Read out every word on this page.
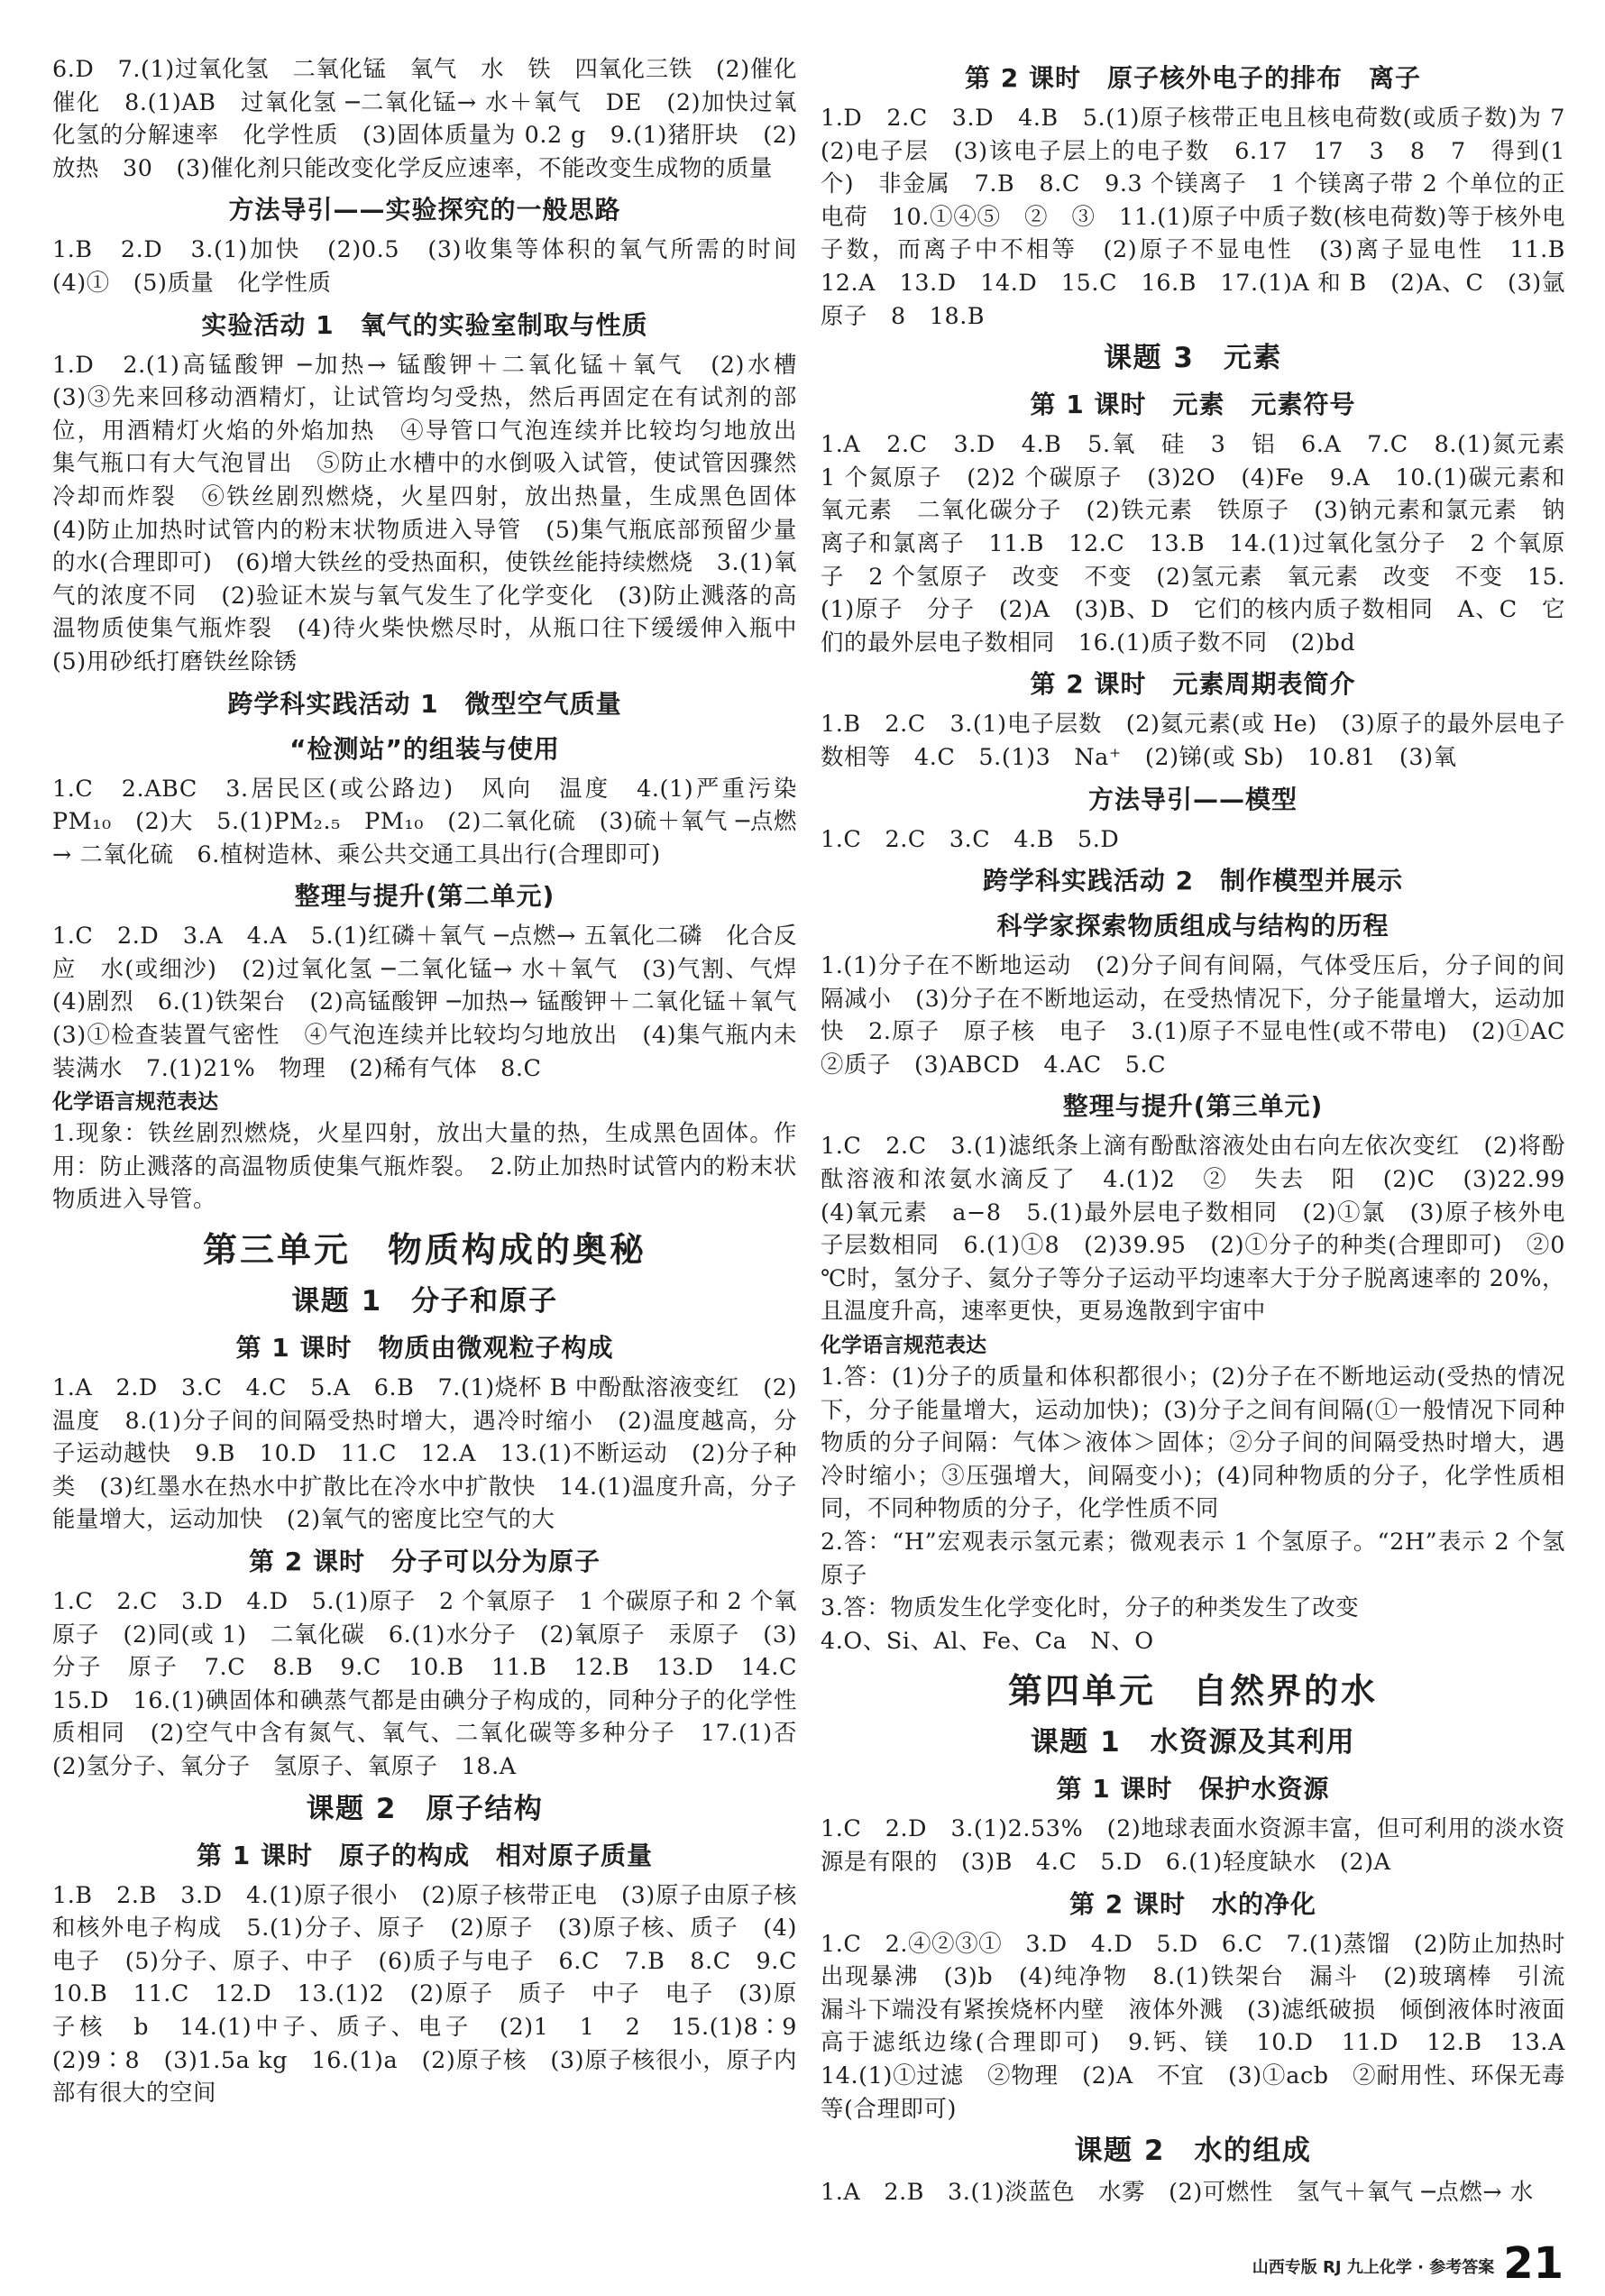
6.D　7.(1)过氧化氢　二氧化锰　氧气　水　铁　四氧化三铁　(2)催化　催化　8.(1)AB　过氧化氢 ─二氧化锰→ 水＋氧气　DE　(2)加快过氧化氢的分解速率　化学性质　(3)固体质量为 0.2 g　9.(1)猪肝块　(2)放热　30　(3)催化剂只能改变化学反应速率，不能改变生成物的质量
方法导引——实验探究的一般思路
1.B　2.D　3.(1)加快　(2)0.5　(3)收集等体积的氧气所需的时间　(4)①　(5)质量　化学性质
实验活动 1　氧气的实验室制取与性质
1.D　2.(1)高锰酸钾 ─加热→ 锰酸钾＋二氧化锰＋氧气　(2)水槽　(3)③先来回移动酒精灯，让试管均匀受热，然后再固定在有试剂的部位，用酒精灯火焰的外焰加热　④导管口气泡连续并比较均匀地放出　集气瓶口有大气泡冒出　⑤防止水槽中的水倒吸入试管，使试管因骤然冷却而炸裂　⑥铁丝剧烈燃烧，火星四射，放出热量，生成黑色固体　(4)防止加热时试管内的粉末状物质进入导管　(5)集气瓶底部预留少量的水(合理即可)　(6)增大铁丝的受热面积，使铁丝能持续燃烧　3.(1)氧气的浓度不同　(2)验证木炭与氧气发生了化学变化　(3)防止溅落的高温物质使集气瓶炸裂　(4)待火柴快燃尽时，从瓶口往下缓缓伸入瓶中　(5)用砂纸打磨铁丝除锈
跨学科实践活动 1　微型空气质量
“检测站”的组装与使用
1.C　2.ABC　3.居民区(或公路边)　风向　温度　4.(1)严重污染　PM₁₀　(2)大　5.(1)PM₂.₅　PM₁₀　(2)二氧化硫　(3)硫＋氧气 ─点燃→ 二氧化硫　6.植树造林、乘公共交通工具出行(合理即可)
整理与提升(第二单元)
1.C　2.D　3.A　4.A　5.(1)红磷＋氧气 ─点燃→ 五氧化二磷　化合反应　水(或细沙)　(2)过氧化氢 ─二氧化锰→ 水＋氧气　(3)气割、气焊　(4)剧烈　6.(1)铁架台　(2)高锰酸钾 ─加热→ 锰酸钾＋二氧化锰＋氧气　(3)①检查装置气密性　④气泡连续并比较均匀地放出　(4)集气瓶内未装满水　7.(1)21%　物理　(2)稀有气体　8.C
化学语言规范表达
1.现象：铁丝剧烈燃烧，火星四射，放出大量的热，生成黑色固体。作用：防止溅落的高温物质使集气瓶炸裂。　2.防止加热时试管内的粉末状物质进入导管。
第三单元　物质构成的奥秘
课题 1　分子和原子
第 1 课时　物质由微观粒子构成
1.A　2.D　3.C　4.C　5.A　6.B　7.(1)烧杯 B 中酚酞溶液变红　(2)温度　8.(1)分子间的间隔受热时增大，遇冷时缩小　(2)温度越高，分子运动越快　9.B　10.D　11.C　12.A　13.(1)不断运动　(2)分子种类　(3)红墨水在热水中扩散比在冷水中扩散快　14.(1)温度升高，分子能量增大，运动加快　(2)氧气的密度比空气的大
第 2 课时　分子可以分为原子
1.C　2.C　3.D　4.D　5.(1)原子　2 个氧原子　1 个碳原子和 2 个氧原子　(2)同(或 1)　二氧化碳　6.(1)水分子　(2)氧原子　汞原子　(3)分子　原子　7.C　8.B　9.C　10.B　11.B　12.B　13.D　14.C　15.D　16.(1)碘固体和碘蒸气都是由碘分子构成的，同种分子的化学性质相同　(2)空气中含有氮气、氧气、二氧化碳等多种分子　17.(1)否　(2)氢分子、氧分子　氢原子、氧原子　18.A
课题 2　原子结构
第 1 课时　原子的构成　相对原子质量
1.B　2.B　3.D　4.(1)原子很小　(2)原子核带正电　(3)原子由原子核和核外电子构成　5.(1)分子、原子　(2)原子　(3)原子核、质子　(4)电子　(5)分子、原子、中子　(6)质子与电子　6.C　7.B　8.C　9.C　10.B　11.C　12.D　13.(1)2　(2)原子　质子　中子　电子　(3)原子核　b　14.(1)中子、质子、电子　(2)1　1　2　15.(1)8∶9　(2)9∶8　(3)1.5a kg　16.(1)a　(2)原子核　(3)原子核很小，原子内部有很大的空间
第 2 课时　原子核外电子的排布　离子
1.D　2.C　3.D　4.B　5.(1)原子核带正电且核电荷数(或质子数)为 7　(2)电子层　(3)该电子层上的电子数　6.17　17　3　8　7　得到(1个)　非金属　7.B　8.C　9.3 个镁离子　1 个镁离子带 2 个单位的正电荷　10.①④⑤　②　③　11.(1)原子中质子数(核电荷数)等于核外电子数，而离子中不相等　(2)原子不显电性　(3)离子显电性　11.B　12.A　13.D　14.D　15.C　16.B　17.(1)A 和 B　(2)A、C　(3)氩原子　8　18.B
课题 3　元素
第 1 课时　元素　元素符号
1.A　2.C　3.D　4.B　5.氧　硅　3　铝　6.A　7.C　8.(1)氮元素　1 个氮原子　(2)2 个碳原子　(3)2O　(4)Fe　9.A　10.(1)碳元素和氧元素　二氧化碳分子　(2)铁元素　铁原子　(3)钠元素和氯元素　钠离子和氯离子　11.B　12.C　13.B　14.(1)过氧化氢分子　2 个氧原子　2 个氢原子　改变　不变　(2)氢元素　氧元素　改变　不变　15.(1)原子　分子　(2)A　(3)B、D　它们的核内质子数相同　A、C　它们的最外层电子数相同　16.(1)质子数不同　(2)bd
第 2 课时　元素周期表简介
1.B　2.C　3.(1)电子层数　(2)氦元素(或 He)　(3)原子的最外层电子数相等　4.C　5.(1)3　Na⁺　(2)锑(或 Sb)　10.81　(3)氧
方法导引——模型
1.C　2.C　3.C　4.B　5.D
跨学科实践活动 2　制作模型并展示
科学家探索物质组成与结构的历程
1.(1)分子在不断地运动　(2)分子间有间隔，气体受压后，分子间的间隔减小　(3)分子在不断地运动，在受热情况下，分子能量增大，运动加快　2.原子　原子核　电子　3.(1)原子不显电性(或不带电)　(2)①AC　②质子　(3)ABCD　4.AC　5.C
整理与提升(第三单元)
1.C　2.C　3.(1)滤纸条上滴有酚酞溶液处由右向左依次变红　(2)将酚酞溶液和浓氨水滴反了　4.(1)2　②　失去　阳　(2)C　(3)22.99　(4)氧元素　a−8　5.(1)最外层电子数相同　(2)①氯　(3)原子核外电子层数相同　6.(1)①8　(2)39.95　(2)①分子的种类(合理即可)　②0 ℃时，氢分子、氦分子等分子运动平均速率大于分子脱离速率的 20%，且温度升高，速率更快，更易逸散到宇宙中
化学语言规范表达
1.答：(1)分子的质量和体积都很小；(2)分子在不断地运动(受热的情况下，分子能量增大，运动加快)；(3)分子之间有间隔(①一般情况下同种物质的分子间隔：气体＞液体＞固体；②分子间的间隔受热时增大，遇冷时缩小；③压强增大，间隔变小)；(4)同种物质的分子，化学性质相同，不同种物质的分子，化学性质不同
2.答：“H”宏观表示氢元素；微观表示 1 个氢原子。“2H”表示 2 个氢原子
3.答：物质发生化学变化时，分子的种类发生了改变
4.O、Si、Al、Fe、Ca　N、O
第四单元　自然界的水
课题 1　水资源及其利用
第 1 课时　保护水资源
1.C　2.D　3.(1)2.53%　(2)地球表面水资源丰富，但可利用的淡水资源是有限的　(3)B　4.C　5.D　6.(1)轻度缺水　(2)A
第 2 课时　水的净化
1.C　2.④②③①　3.D　4.D　5.D　6.C　7.(1)蒸馏　(2)防止加热时出现暴沸　(3)b　(4)纯净物　8.(1)铁架台　漏斗　(2)玻璃棒　引流　漏斗下端没有紧挨烧杯内壁　液体外溅　(3)滤纸破损　倾倒液体时液面高于滤纸边缘(合理即可)　9.钙、镁　10.D　11.D　12.B　13.A　14.(1)①过滤　②物理　(2)A　不宜　(3)①acb　②耐用性、环保无毒等(合理即可)
课题 2　水的组成
1.A　2.B　3.(1)淡蓝色　水雾　(2)可燃性　氢气＋氧气 ─点燃→ 水
山西专版 RJ 九上化学 · 参考答案 21
